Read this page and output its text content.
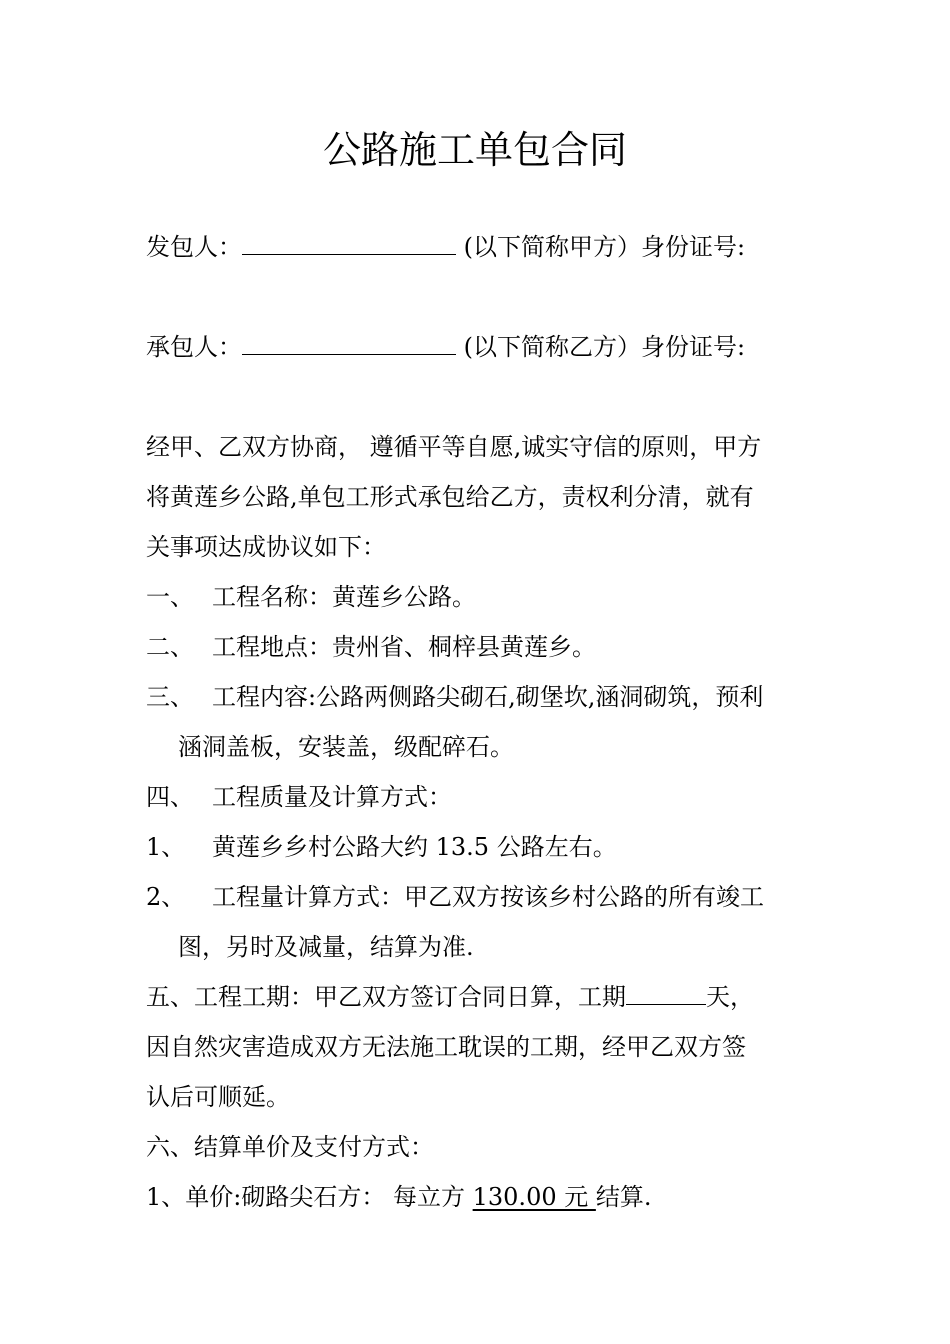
公路施工单包合同
发包人：	(以下简称甲方）身份证号:
承包人：	(以下简称乙方）身份证号:
经甲、乙双方协商， 遵循平等自愿,诚实守信的原则，甲方
将黄莲乡公路,单包工形式承包给乙方，责权利分清，就有
关事项达成协议如下：
一、 工程名称：黄莲乡公路。
二、 工程地点：贵州省、桐梓县黄莲乡。
三、 工程内容:公路两侧路尖砌石,砌堡坎,涵洞砌筑，预利
涵洞盖板，安装盖，级配碎石。
四、 工程质量及计算方式：
1、 黄莲乡乡村公路大约 13.5 公路左右。
2、 工程量计算方式：甲乙双方按该乡村公路的所有竣工
图，另时及减量，结算为准.
五、工程工期：甲乙双方签订合同日算，工期	天，
因自然灾害造成双方无法施工耽误的工期，经甲乙双方签
认后可顺延。
六、结算单价及支付方式：
1、单价:砌路尖石方： 每立方 130.00 元 结算.
